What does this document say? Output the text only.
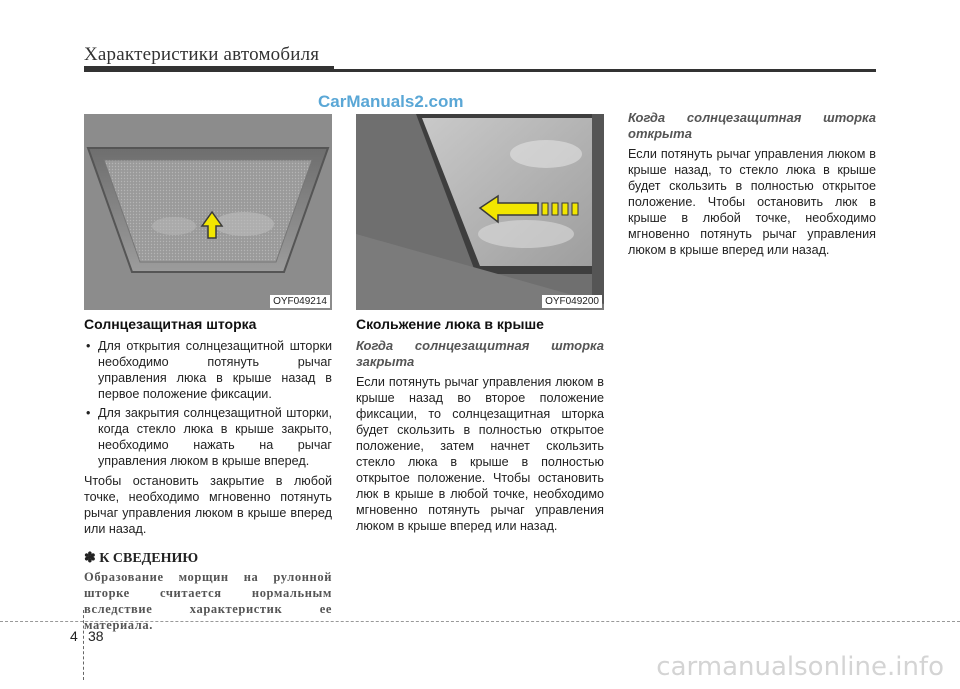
Характеристики автомобиля
CarManuals2.com
OYF049214	OYF049200
Солнцезащитная шторка
• Для открытия солнцезащитной шторки необходимо потянуть рычаг управления люка в крыше назад в первое положение фиксации.
• Для закрытия солнцезащитной шторки, когда стекло люка в крыше закрыто, необходимо нажать на рычаг управления люком в крыше вперед.

Чтобы остановить закрытие в любой точке, необходимо мгновенно потянуть рычаг управления люком в крыше вперед или назад.

✽ К СВЕДЕНИЮ
Образование морщин на рулонной шторке считается нормальным вследствие характеристик ее материала.
Скольжение люка в крыше
Когда солнцезащитная шторка закрыта

Если потянуть рычаг управления люком в крыше назад во второе положение фиксации, то солнцезащитная шторка будет скользить в полностью открытое положение, затем начнет скользить стекло люка в крыше в полностью открытое положение. Чтобы остановить люк в крыше в любой точке, необходимо мгновенно потянуть рычаг управления люком в крыше вперед или назад.

Когда солнцезащитная шторка открыта

Если потянуть рычаг управления люком в крыше назад, то стекло люка в крыше будет скользить в полностью открытое положение. Чтобы остановить люк в крыше в любой точке, необходимо мгновенно потянуть рычаг управления люком в крыше вперед или назад.

4 38
carmanualsonline.info
